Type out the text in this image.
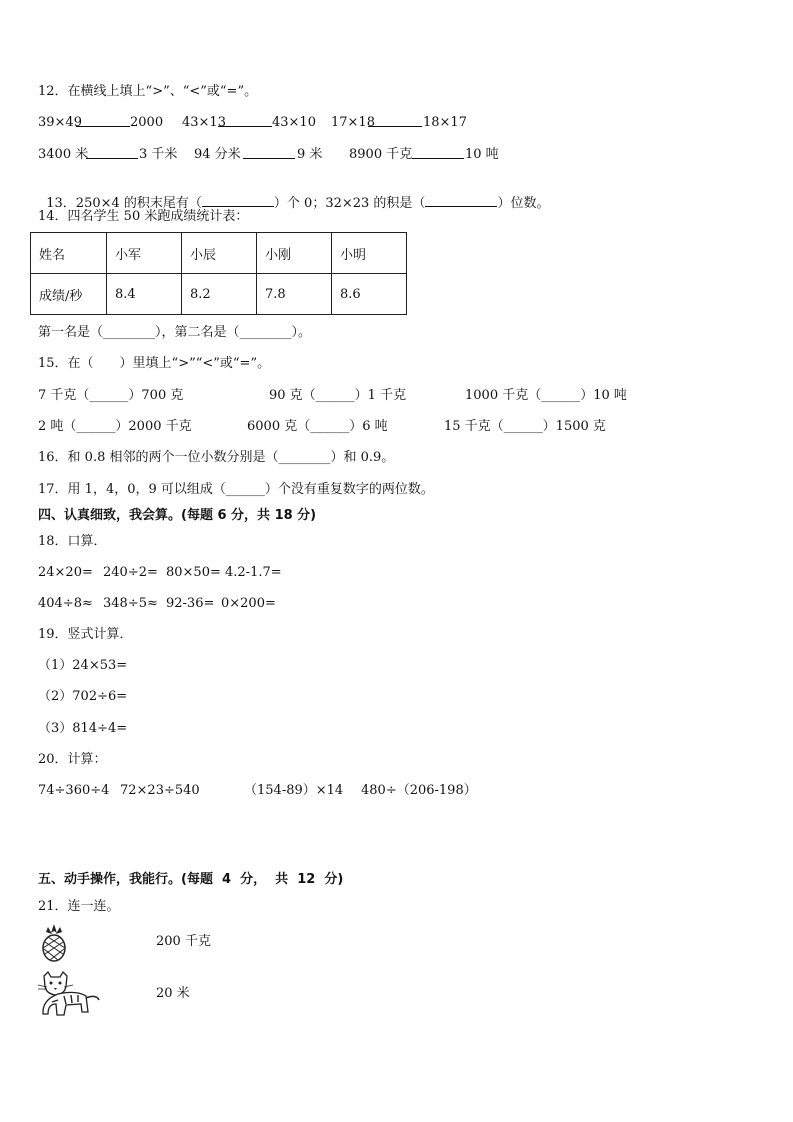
12．在横线上填上“>”、“<”或“=”。
39×49	2000 43×13	43×10 17×18	18×17
3400 米	3 千米 94 分米	9 米 8900 千克	10 吨

13．250×4 的积末尾有（	）个 0；32×23 的积是（	）位数。

14．四名学生 50 米跑成绩统计表：
姓名	小军	小辰	小刚	小明
成绩/秒	8.4	8.2	7.8	8.6
第一名是（________），第二名是（________）。
15．在（　　）里填上“>”“<”或“=”。
7 千克（______）700 克	90 克（______）1 千克	1000 千克（______）10 吨
2 吨（______）2000 千克	6000 克（______）6 吨	15 千克（______）1500 克
16．和 0.8 相邻的两个一位小数分别是（________）和 0.9。
17．用 1，4，0，9 可以组成（______）个没有重复数字的两位数。
四、认真细致，我会算。(每题 6 分，共 18 分)
18．口算．
24×20= 240÷2= 80×50= 4.2-1.7=
404÷8≈ 348÷5≈ 92-36= 0×200=
19．竖式计算．
（1）24×53=
（2）702÷6=
（3）814÷4=
20．计算：
74÷360÷4 72×23÷540	（154-89）×14 480÷（206-198）
五、动手操作，我能行。(每题  4  分，  共  12  分)
21．连一连。
200 千克
20 米
